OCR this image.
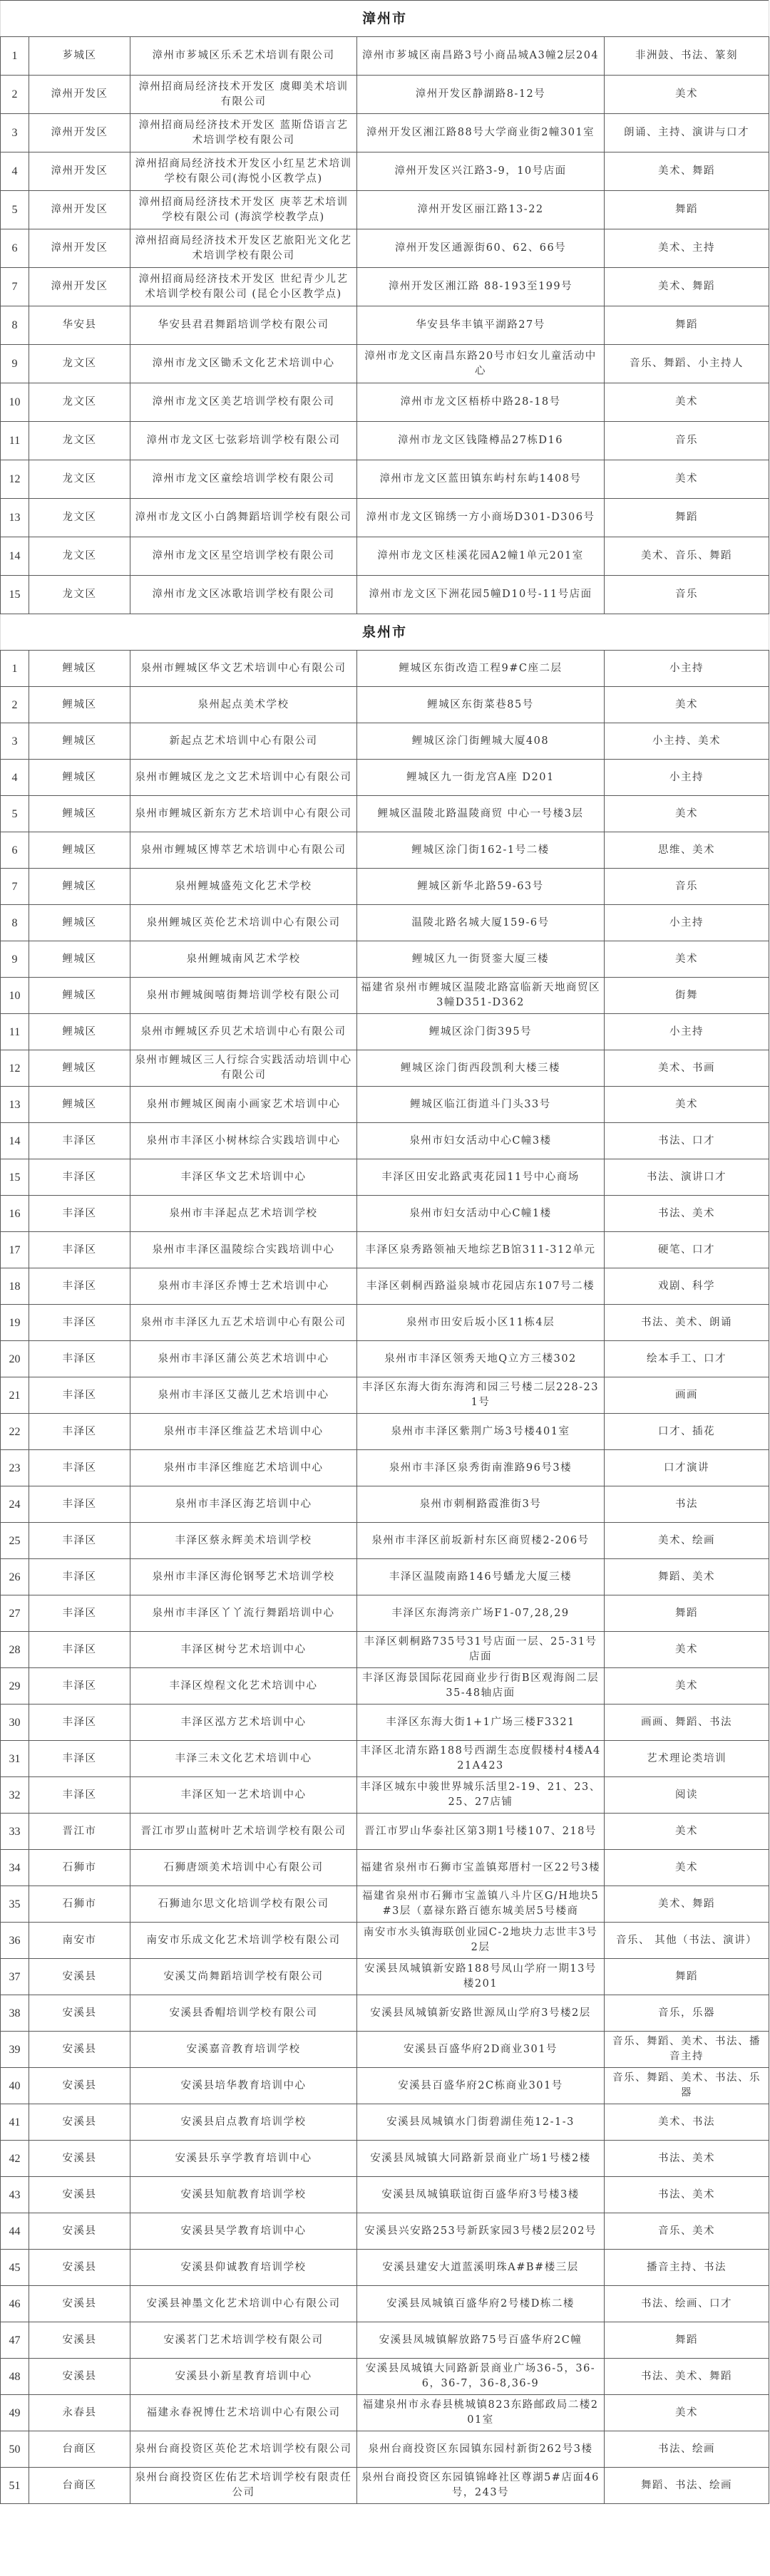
漳州市				
1	芗城区	漳州市芗城区乐禾艺术培训有限公司	漳州市芗城区南昌路3号小商品城A3幢2层204	非洲鼓、书法、篆刻
2	漳州开发区	漳州招商局经济技术开发区 虞卿美术培训有限公司	漳州开发区静湖路8-12号	美术
3	漳州开发区	漳州招商局经济技术开发区 蓝斯岱语言艺术培训学校有限公司	漳州开发区湘江路88号大学商业街2幢301室	朗诵、主持、演讲与口才
4	漳州开发区	漳州招商局经济技术开发区小红星艺术培训学校有限公司(海悦小区教学点)	漳州开发区兴江路3-9，10号店面	美术、舞蹈
5	漳州开发区	漳州招商局经济技术开发区 庚莘艺术培训学校有限公司 (海滨学校教学点)	漳州开发区丽江路13-22	舞蹈
6	漳州开发区	漳州招商局经济技术开发区艺旅阳光文化艺术培训学校有限公司	漳州开发区通源街60、62、66号	美术、主持
7	漳州开发区	漳州招商局经济技术开发区 世纪青少儿艺术培训学校有限公司 (昆仑小区教学点)	漳州开发区湘江路 88-193至199号	美术、舞蹈
8	华安县	华安县君君舞蹈培训学校有限公司	华安县华丰镇平湖路27号	舞蹈
9	龙文区	漳州市龙文区锄禾文化艺术培训中心	漳州市龙文区南昌东路20号市妇女儿童活动中心	音乐、舞蹈、小主持人
10	龙文区	漳州市龙文区美艺培训学校有限公司	漳州市龙文区梧桥中路28-18号	美术
11	龙文区	漳州市龙文区七弦彩培训学校有限公司	漳州市龙文区钱隆樽品27栋D16	音乐
12	龙文区	漳州市龙文区童绘培训学校有限公司	漳州市龙文区蓝田镇东屿村东屿1408号	美术
13	龙文区	漳州市龙文区小白鸽舞蹈培训学校有限公司	漳州市龙文区锦绣一方小商场D301-D306号	舞蹈
14	龙文区	漳州市龙文区星空培训学校有限公司	漳州市龙文区桂溪花园A2幢1单元201室	美术、音乐、舞蹈
15	龙文区	漳州市龙文区冰歌培训学校有限公司	漳州市龙文区下洲花园5幢D10号-11号店面	音乐
泉州市				
1	鲤城区	泉州市鲤城区华文艺术培训中心有限公司	鲤城区东街改造工程9#C座二层	小主持
2	鲤城区	泉州起点美术学校	鲤城区东街菜巷85号	美术
3	鲤城区	新起点艺术培训中心有限公司	鲤城区涂门街鲤城大厦408	小主持、美术
4	鲤城区	泉州市鲤城区龙之文艺术培训中心有限公司	鲤城区九一街龙宫A座 D201	小主持
5	鲤城区	泉州市鲤城区新东方艺术培训中心有限公司	鲤城区温陵北路温陵商贸 中心一号楼3层	美术
6	鲤城区	泉州市鲤城区博萃艺术培训中心有限公司	鲤城区涂门街162-1号二楼	思维、美术
7	鲤城区	泉州鲤城盛苑文化艺术学校	鲤城区新华北路59-63号	音乐
8	鲤城区	泉州鲤城区英伦艺术培训中心有限公司	温陵北路名城大厦159-6号	小主持
9	鲤城区	泉州鲤城南风艺术学校	鲤城区九一街贤銮大厦三楼	美术
10	鲤城区	泉州市鲤城闽嘻街舞培训学校有限公司	福建省泉州市鲤城区温陵北路富临新天地商贸区3幢D351-D362	街舞
11	鲤城区	泉州市鲤城区乔贝艺术培训中心有限公司	鲤城区涂门街395号	小主持
12	鲤城区	泉州市鲤城区三人行综合实践活动培训中心有限公司	鲤城区涂门街西段凯利大楼三楼	美术、书画
13	鲤城区	泉州市鲤城区闽南小画家艺术培训中心	鲤城区临江街道斗门头33号	美术
14	丰泽区	泉州市丰泽区小树林综合实践培训中心	泉州市妇女活动中心C幢3楼	书法、口才
15	丰泽区	丰泽区华文艺术培训中心	丰泽区田安北路武夷花园11号中心商场	书法、演讲口才
16	丰泽区	泉州市丰泽起点艺术培训学校	泉州市妇女活动中心C幢1楼	书法、美术
17	丰泽区	泉州市丰泽区温陵综合实践培训中心	丰泽区泉秀路领袖天地综艺B馆311-312单元	硬笔、口才
18	丰泽区	泉州市丰泽区乔博士艺术培训中心	丰泽区刺桐西路溢泉城市花园店东107号二楼	戏剧、科学
19	丰泽区	泉州市丰泽区九五艺术培训中心有限公司	泉州市田安后坂小区11栋4层	书法、美术、朗诵
20	丰泽区	泉州市丰泽区蒲公英艺术培训中心	泉州市丰泽区领秀天地Q立方三楼302	绘本手工、口才
21	丰泽区	泉州市丰泽区艾薇儿艺术培训中心	丰泽区东海大街东海湾和园三号楼二层228-231号	画画
22	丰泽区	泉州市丰泽区维益艺术培训中心	泉州市丰泽区紫荆广场3号楼401室	口才、插花
23	丰泽区	泉州市丰泽区维庭艺术培训中心	泉州市丰泽区泉秀街南淮路96号3楼	口才演讲
24	丰泽区	泉州市丰泽区海艺培训中心	泉州市刺桐路霞淮街3号	书法
25	丰泽区	丰泽区蔡永辉美术培训学校	泉州市丰泽区前坂新村东区商贸楼2-206号	美术、绘画
26	丰泽区	泉州市丰泽区海伦钢琴艺术培训学校	丰泽区温陵南路146号蟠龙大厦三楼	舞蹈、美术
27	丰泽区	泉州市丰泽区丫丫流行舞蹈培训中心	丰泽区东海湾亲广场F1-07,28,29	舞蹈
28	丰泽区	丰泽区树兮艺术培训中心	丰泽区刺桐路735号31号店面一层、25-31号店面	美术
29	丰泽区	丰泽区煌程文化艺术培训中心	丰泽区海景国际花园商业步行街B区观海阁二层35-48轴店面	美术
30	丰泽区	丰泽区泓方艺术培训中心	丰泽区东海大街1+1广场三楼F3321	画画、舞蹈、书法
31	丰泽区	丰泽三未文化艺术培训中心	丰泽区北清东路188号西湖生态度假楼村4楼A421A423	艺术理论类培训
32	丰泽区	丰泽区知一艺术培训中心	丰泽区城东中骏世界城乐活里2-19、21、23、25、27店铺	阅读
33	晋江市	晋江市罗山蓝树叶艺术培训学校有限公司	晋江市罗山华泰社区第3期1号楼107、218号	美术
34	石狮市	石狮唐颂美术培训中心有限公司	福建省泉州市石狮市宝盖镇郑厝村一区22号3楼	美术
35	石狮市	石狮迪尔思文化培训学校有限公司	福建省泉州市石狮市宝盖镇八斗片区G/H地块5#3层（嘉禄东路百德东城美居5号楼商	美术、舞蹈
36	南安市	南安市乐成文化艺术培训学校有限公司	南安市水头镇海联创业园C-2地块力志世丰3号2层	音乐、 其他（书法、演讲）
37	安溪县	安溪艾尚舞蹈培训学校有限公司	安溪县凤城镇新安路188号凤山学府一期13号楼201	舞蹈
38	安溪县	安溪县香帽培训学校有限公司	安溪县凤城镇新安路世源凤山学府3号楼2层	音乐，乐器
39	安溪县	安溪嘉音教育培训学校	安溪县百盛华府2D商业301号	音乐、舞蹈、美术、书法、播音主持
40	安溪县	安溪县培华教育培训中心	安溪县百盛华府2C栋商业301号	音乐、舞蹈、美术、书法、乐器
41	安溪县	安溪县启点教育培训学校	安溪县凤城镇水门街碧湖佳苑12-1-3	美术、书法
42	安溪县	安溪县乐享学教育培训中心	安溪县凤城镇大同路新景商业广场1号楼2楼	书法、美术
43	安溪县	安溪县知航教育培训学校	安溪县凤城镇联谊街百盛华府3号楼3楼	书法、美术
44	安溪县	安溪县昊学教育培训中心	安溪县兴安路253号新跃家园3号楼2层202号	音乐、美术
45	安溪县	安溪县仰诚教育培训学校	安溪县建安大道蓝溪明珠A#B#楼三层	播音主持、书法
46	安溪县	安溪县神墨文化艺术培训中心有限公司	安溪县凤城镇百盛华府2号楼D栋二楼	书法、绘画、口才
47	安溪县	安溪茗门艺术培训学校有限公司	安溪县凤城镇解放路75号百盛华府2C幢	舞蹈
48	安溪县	安溪县小新星教育培训中心	安溪县凤城镇大同路新景商业广场36-5，36-6，36-7，36-8,36-9	书法、美术、舞蹈
49	永春县	福建永春祝博仕艺术培训中心有限公司	福建泉州市永春县桃城镇823东路邮政局二楼201室	美术
50	台商区	泉州台商投资区英伦艺术培训学校有限公司	泉州台商投资区东园镇东园村新街262号3楼	书法、绘画
51	台商区	泉州台商投资区佐佑艺术培训学校有限责任公司	泉州台商投资区东园镇锦峰社区尊湖5#店面46号，243号	舞蹈、书法、绘画
